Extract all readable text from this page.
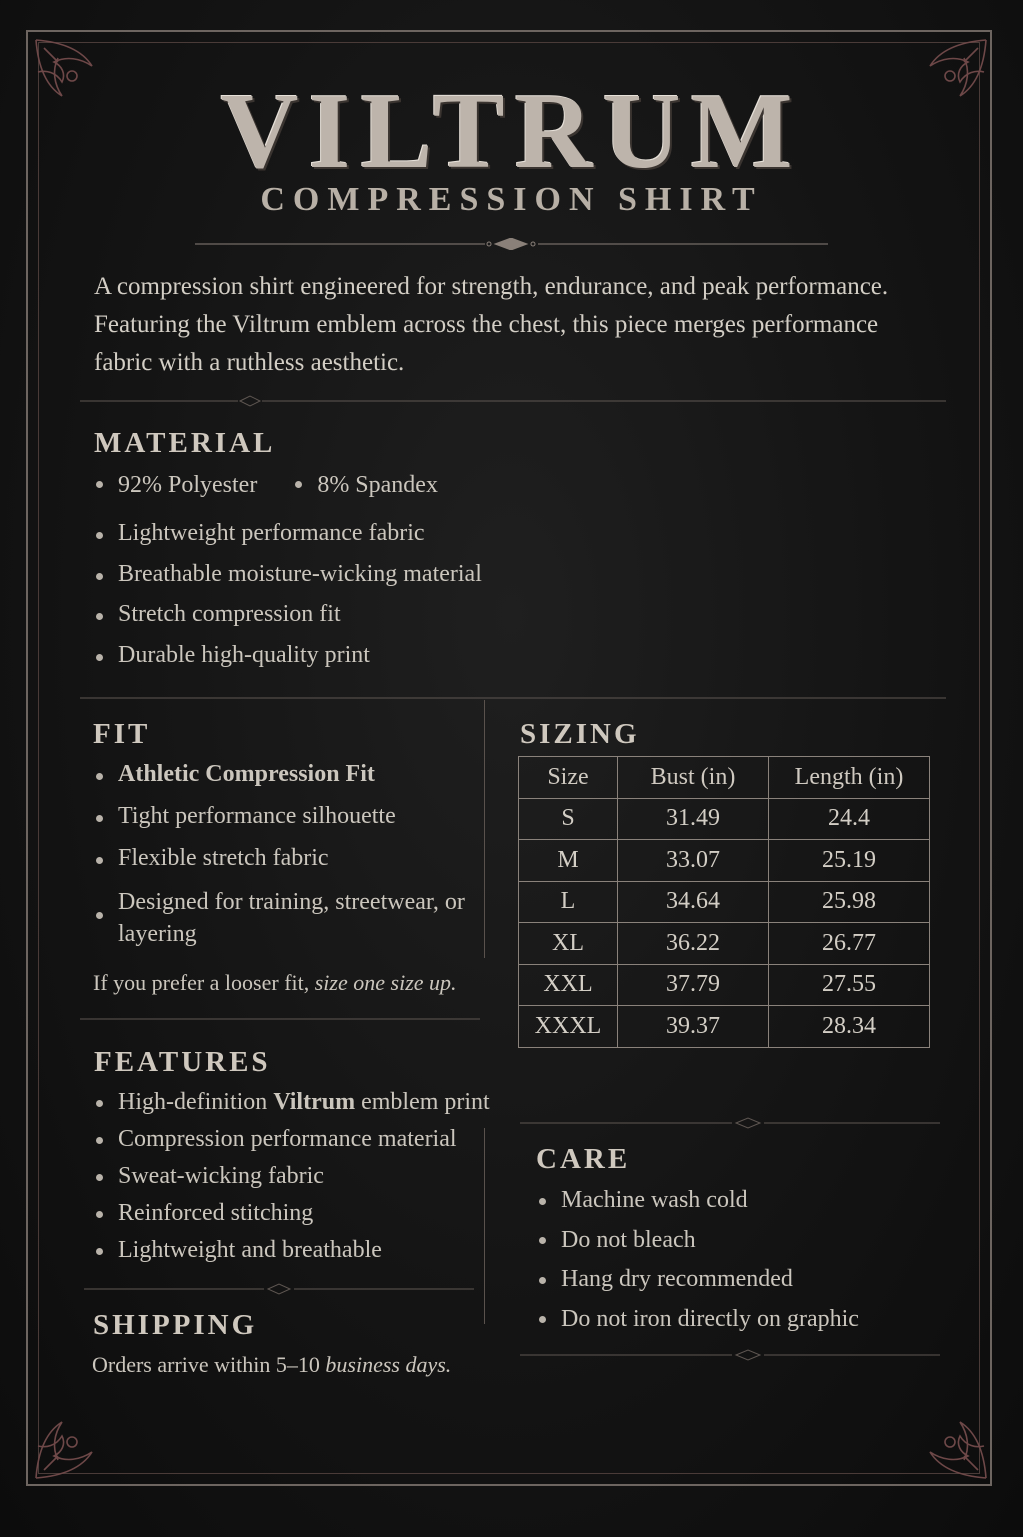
VILTRUM
COMPRESSION SHIRT
A compression shirt engineered for strength, endurance, and peak performance. Featuring the Viltrum emblem across the chest, this piece merges performance fabric with a ruthless aesthetic.
MATERIAL
92% Polyester	8% Spandex
Lightweight performance fabric
Breathable moisture-wicking material
Stretch compression fit
Durable high-quality print
FIT
Athletic Compression Fit
Tight performance silhouette
Flexible stretch fabric
Designed for training, streetwear, or layering
If you prefer a looser fit, size one size up.
SIZING
Size	Bust (in)	Length (in)
S	31.49	24.4
M	33.07	25.19
L	34.64	25.98
XL	36.22	26.77
XXL	37.79	27.55
XXXL	39.37	28.34
FEATURES
High-definition Viltrum emblem print
Compression performance material
Sweat-wicking fabric
Reinforced stitching
Lightweight and breathable
SHIPPING
Orders arrive within 5–10 business days.
CARE
Machine wash cold
Do not bleach
Hang dry recommended
Do not iron directly on graphic
